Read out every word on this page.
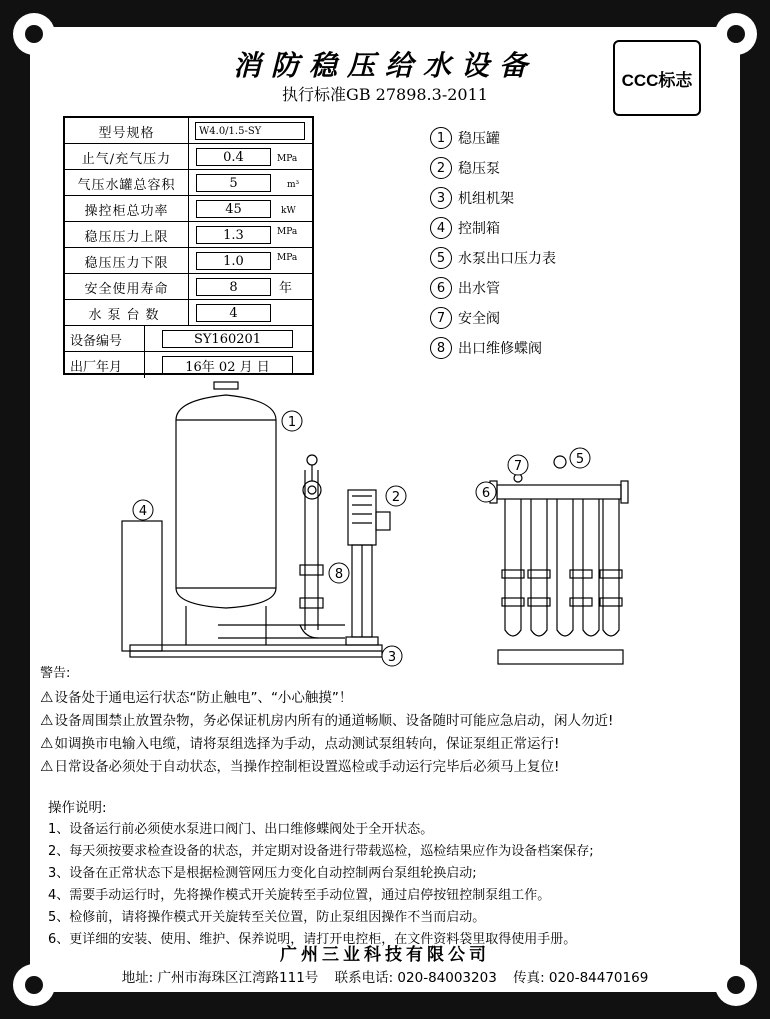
消防稳压给水设备
执行标准GB 27898.3-2011
CCC标志
型号规格	W4.0/1.5-SY
止气/充气压力	0.4	MPa
气压水罐总容积	5	m³
操控柜总功率	45	kW
稳压压力上限	1.3	MPa
稳压压力下限	1.0	MPa
安全使用寿命	8	年
水泵台数	4
设备编号	SY160201
出厂年月	16年 02 月 日
1 稳压罐
2 稳压泵
3 机组机架
4 控制箱
5 水泵出口压力表
6 出水管
7 安全阀
8 出口维修蝶阀
1
2
3
4
8
5
6
7
警告:
⚠设备处于通电运行状态“防止触电”、“小心触摸”！
⚠设备周围禁止放置杂物，务必保证机房内所有的通道畅顺、设备随时可能应急启动，闲人勿近!
⚠如调换市电输入电缆，请将泵组选择为手动，点动测试泵组转向，保证泵组正常运行!
⚠日常设备必须处于自动状态，当操作控制柜设置巡检或手动运行完毕后必须马上复位!
操作说明:
1、设备运行前必须使水泵进口阀门、出口维修蝶阀处于全开状态。
2、每天须按要求检查设备的状态，并定期对设备进行带载巡检，巡检结果应作为设备档案保存;
3、设备在正常状态下是根据检测管网压力变化自动控制两台泵组轮换启动;
4、需要手动运行时，先将操作模式开关旋转至手动位置，通过启停按钮控制泵组工作。
5、检修前，请将操作模式开关旋转至关位置，防止泵组因操作不当而启动。
6、更详细的安装、使用、维护、保养说明，请打开电控柜，在文件资料袋里取得使用手册。
广州三业科技有限公司
地址: 广州市海珠区江湾路111号 联系电话: 020-84003203 传真: 020-84470169
